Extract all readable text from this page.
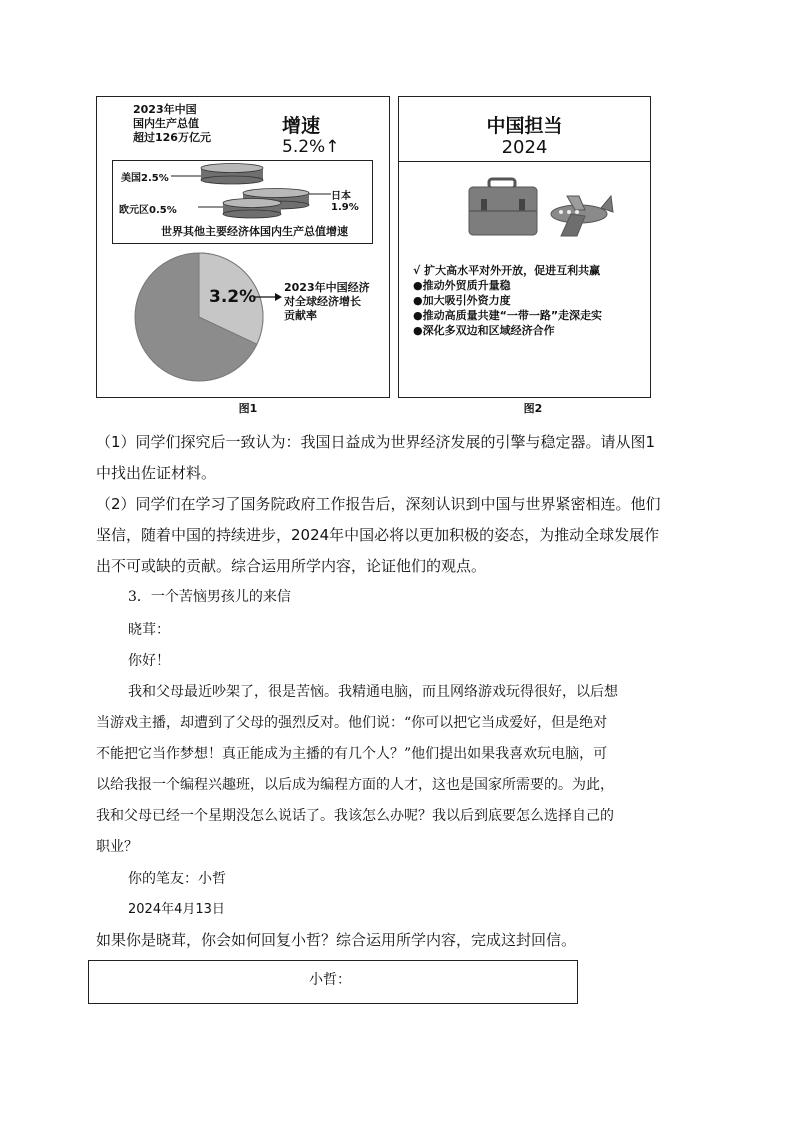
2023年中国
国内生产总值
超过126万亿元
增速
5.2%↑
美国2.5%
日本1.9%
欧元区0.5%
世界其他主要经济体国内生产总值增速
3.2%	2023年中国经济
对全球经济增长
贡献率
图1
中国担当
2024
√ 扩大高水平对外开放，促进互利共赢
●推动外贸质升量稳
●加大吸引外资力度
●推动高质量共建“一带一路”走深走实
●深化多双边和区域经济合作
图2
（1）同学们探究后一致认为：我国日益成为世界经济发展的引擎与稳定器。请从图1
中找出佐证材料。
（2）同学们在学习了国务院政府工作报告后，深刻认识到中国与世界紧密相连。他们
坚信，随着中国的持续进步，2024年中国必将以更加积极的姿态，为推动全球发展作
出不可或缺的贡献。综合运用所学内容，论证他们的观点。
3．一个苦恼男孩儿的来信
晓茸：
你好！
我和父母最近吵架了，很是苦恼。我精通电脑，而且网络游戏玩得很好，以后想
当游戏主播，却遭到了父母的强烈反对。他们说：“你可以把它当成爱好，但是绝对
不能把它当作梦想！真正能成为主播的有几个人？”他们提出如果我喜欢玩电脑，可
以给我报一个编程兴趣班，以后成为编程方面的人才，这也是国家所需要的。为此，
我和父母已经一个星期没怎么说话了。我该怎么办呢？我以后到底要怎么选择自己的
职业？
你的笔友：小哲
2024年4月13日
如果你是晓茸，你会如何回复小哲？综合运用所学内容，完成这封回信。
小哲：
